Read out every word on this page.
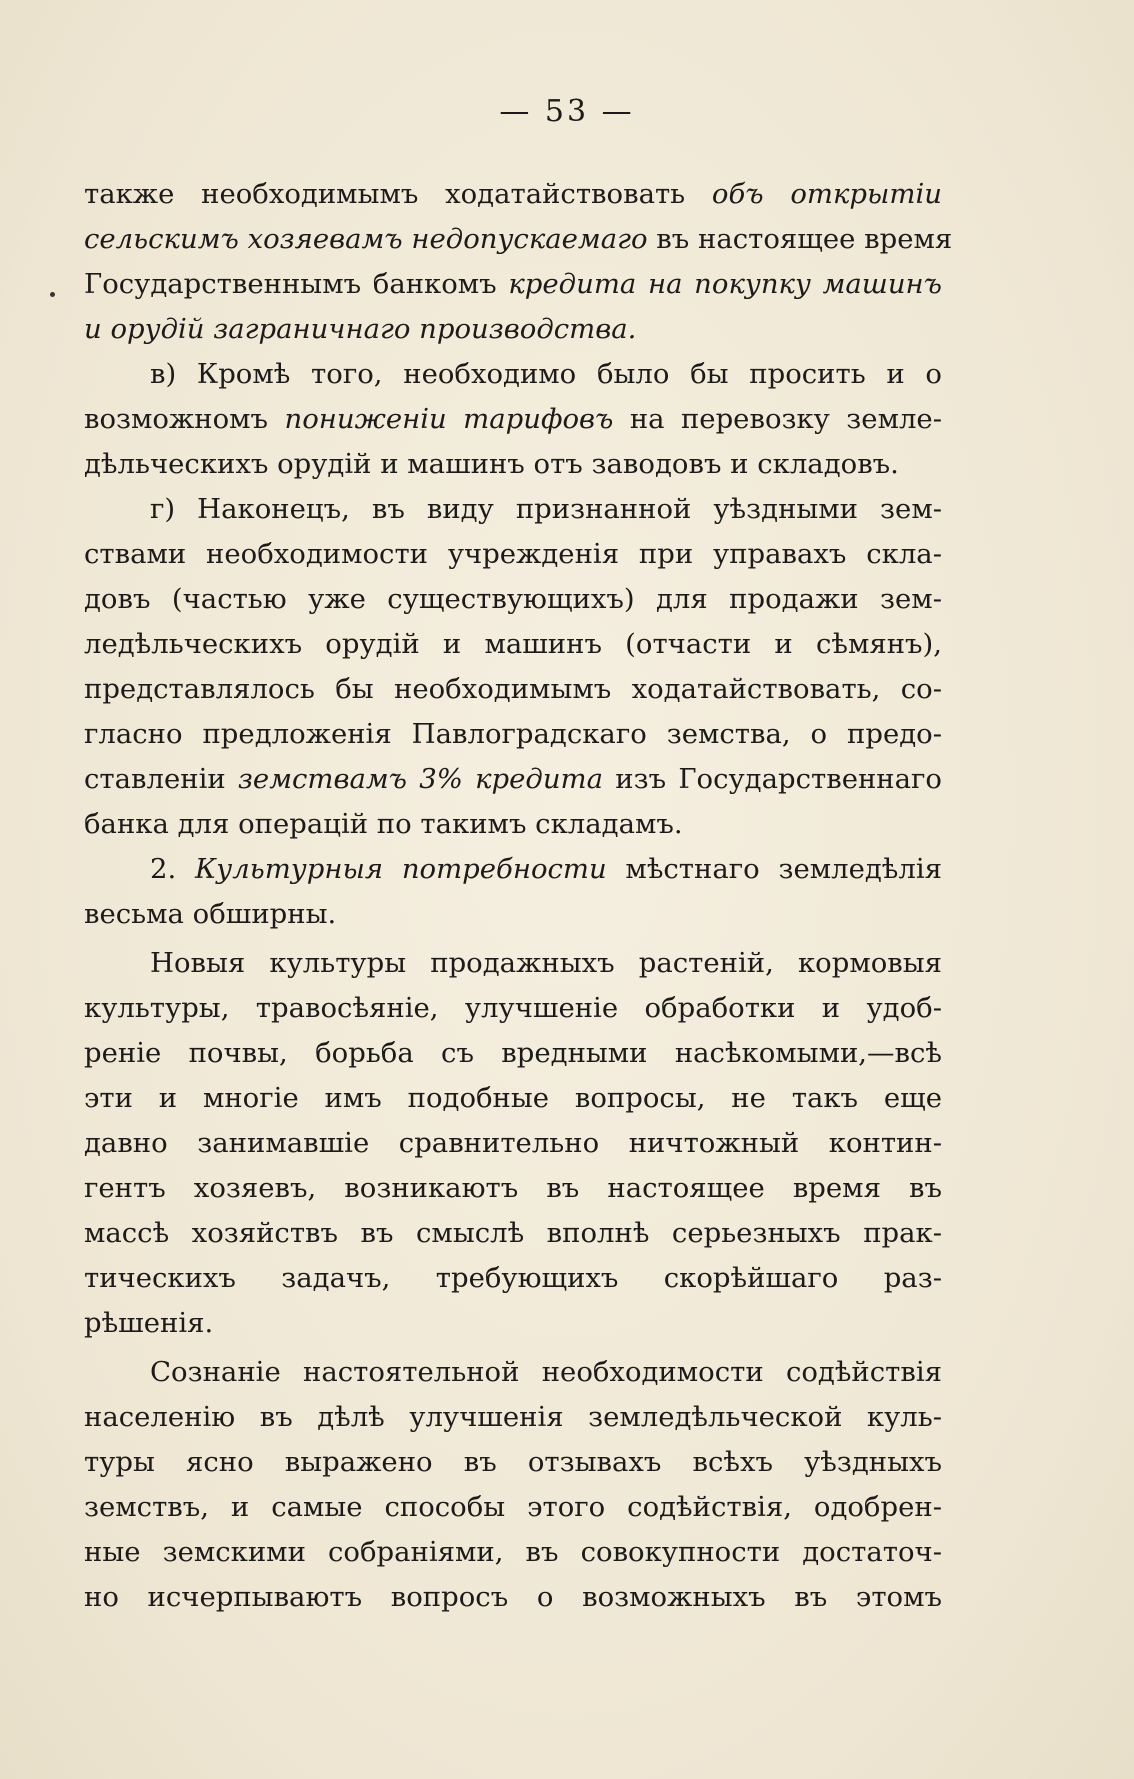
— 53 —
также необходимымъ ходатайствовать объ открытіи
сельскимъ хозяевамъ недопускаемаго въ настоящее время
Государственнымъ банкомъ кредита на покупку машинъ
и орудій заграничнаго производства.
в) Кромѣ того, необходимо было бы просить и о
возможномъ пониженіи тарифовъ на перевозку земле-
дѣльческихъ орудій и машинъ отъ заводовъ и складовъ.
г) Наконецъ, въ виду признанной уѣздными зем-
ствами необходимости учрежденія при управахъ скла-
довъ (частью уже существующихъ) для продажи зем-
ледѣльческихъ орудій и машинъ (отчасти и сѣмянъ),
представлялось бы необходимымъ ходатайствовать, со-
гласно предложенія Павлоградскаго земства, о предо-
ставленіи земствамъ 3% кредита изъ Государственнаго
банка для операцій по такимъ складамъ.
2. Культурныя потребности мѣстнаго земледѣлія
весьма обширны.
Новыя культуры продажныхъ растеній, кормовыя
культуры, травосѣяніе, улучшеніе обработки и удоб-
реніе почвы, борьба съ вредными насѣкомыми,—всѣ
эти и многіе имъ подобные вопросы, не такъ еще
давно занимавшіе сравнительно ничтожный контин-
гентъ хозяевъ, возникаютъ въ настоящее время въ
массѣ хозяйствъ въ смыслѣ вполнѣ серьезныхъ прак-
тическихъ задачъ, требующихъ скорѣйшаго раз-
рѣшенія.
Сознаніе настоятельной необходимости содѣйствія
населенію въ дѣлѣ улучшенія земледѣльческой куль-
туры ясно выражено въ отзывахъ всѣхъ уѣздныхъ
земствъ, и самые способы этого содѣйствія, одобрен-
ные земскими собраніями, въ совокупности достаточ-
но исчерпываютъ вопросъ о возможныхъ въ этомъ
